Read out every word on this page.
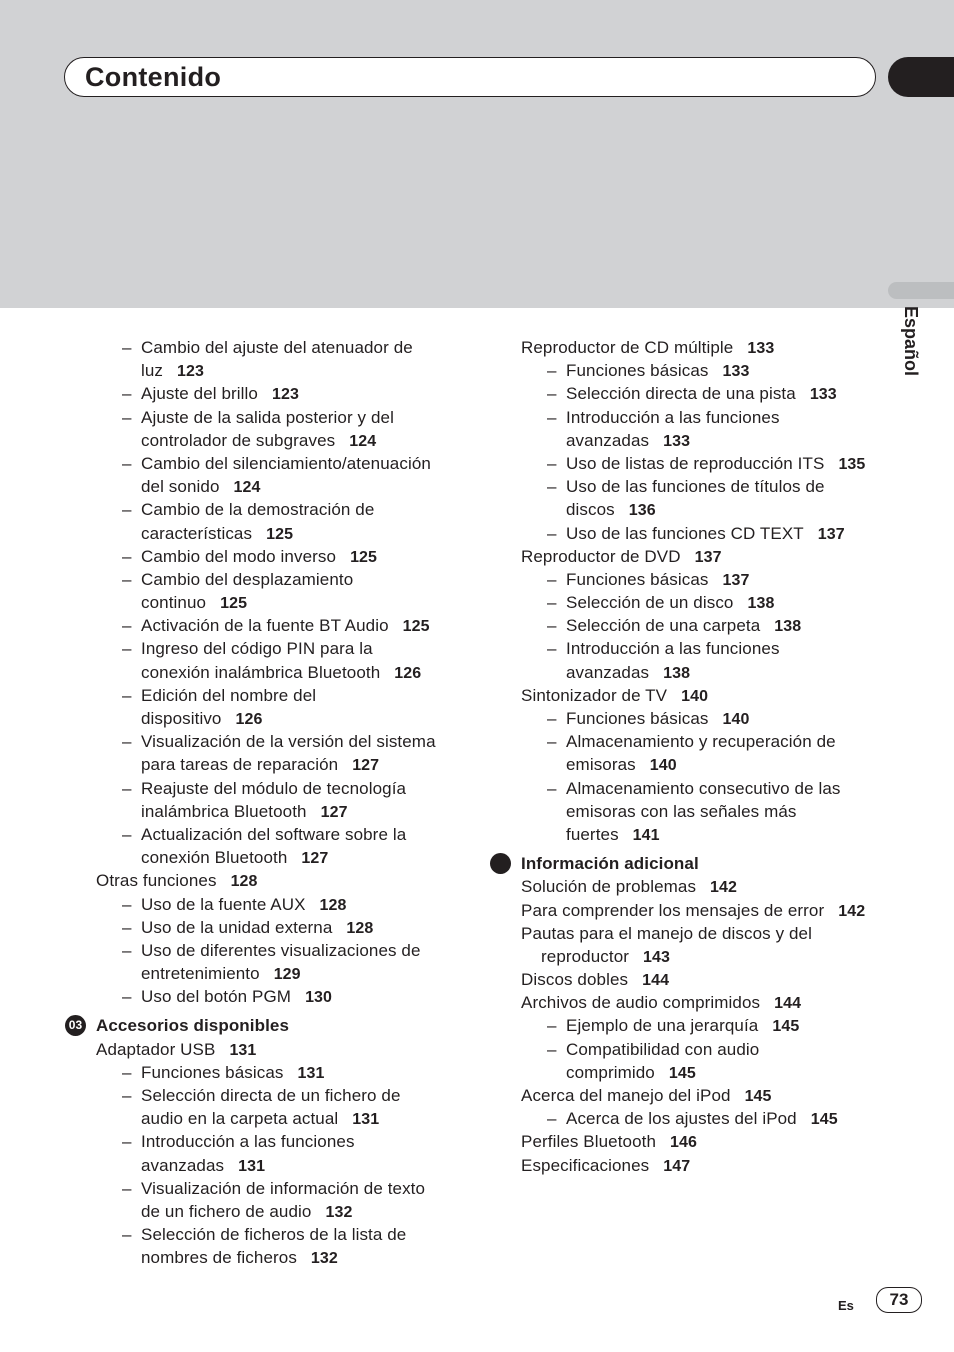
Contenido
Español
– Cambio del ajuste del atenuador de
luz 123
– Ajuste del brillo 123
– Ajuste de la salida posterior y del
controlador de subgraves 124
– Cambio del silenciamiento/atenuación
del sonido 124
– Cambio de la demostración de
características 125
– Cambio del modo inverso 125
– Cambio del desplazamiento
continuo 125
– Activación de la fuente BT Audio 125
– Ingreso del código PIN para la
conexión inalámbrica Bluetooth 126
– Edición del nombre del
dispositivo 126
– Visualización de la versión del sistema
para tareas de reparación 127
– Reajuste del módulo de tecnología
inalámbrica Bluetooth 127
– Actualización del software sobre la
conexión Bluetooth 127
Otras funciones 128
– Uso de la fuente AUX 128
– Uso de la unidad externa 128
– Uso de diferentes visualizaciones de
entretenimiento 129
– Uso del botón PGM 130
03 Accesorios disponibles
Adaptador USB 131
– Funciones básicas 131
– Selección directa de un fichero de
audio en la carpeta actual 131
– Introducción a las funciones
avanzadas 131
– Visualización de información de texto
de un fichero de audio 132
– Selección de ficheros de la lista de
nombres de ficheros 132
Reproductor de CD múltiple 133
– Funciones básicas 133
– Selección directa de una pista 133
– Introducción a las funciones
avanzadas 133
– Uso de listas de reproducción ITS 135
– Uso de las funciones de títulos de
discos 136
– Uso de las funciones CD TEXT 137
Reproductor de DVD 137
– Funciones básicas 137
– Selección de un disco 138
– Selección de una carpeta 138
– Introducción a las funciones
avanzadas 138
Sintonizador de TV 140
– Funciones básicas 140
– Almacenamiento y recuperación de
emisoras 140
– Almacenamiento consecutivo de las
emisoras con las señales más
fuertes 141
Información adicional
Solución de problemas 142
Para comprender los mensajes de error 142
Pautas para el manejo de discos y del
reproductor 143
Discos dobles 144
Archivos de audio comprimidos 144
– Ejemplo de una jerarquía 145
– Compatibilidad con audio
comprimido 145
Acerca del manejo del iPod 145
– Acerca de los ajustes del iPod 145
Perfiles Bluetooth 146
Especificaciones 147
Es	73
